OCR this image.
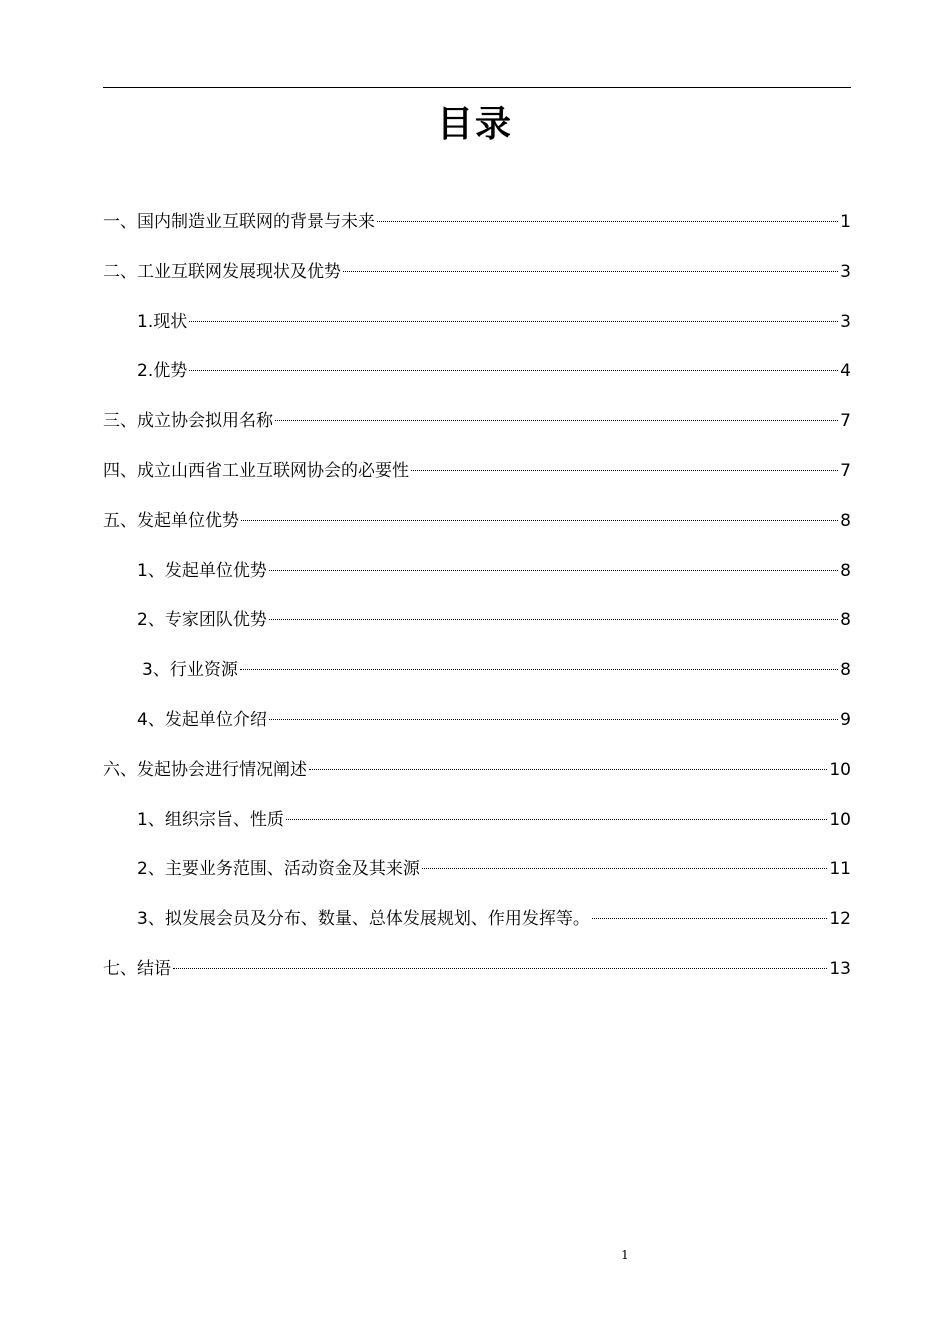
目录
一、国内制造业互联网的背景与未来	1
二、工业互联网发展现状及优势	3
1.现状	3
2.优势	4
三、成立协会拟用名称	7
四、成立山西省工业互联网协会的必要性	7
五、发起单位优势	8
1、发起单位优势	8
2、专家团队优势	8
3、行业资源	8
4、发起单位介绍	9
六、发起协会进行情况阐述	10
1、组织宗旨、性质	10
2、主要业务范围、活动资金及其来源	11
3、拟发展会员及分布、数量、总体发展规划、作用发挥等。	12
七、结语	13
1
